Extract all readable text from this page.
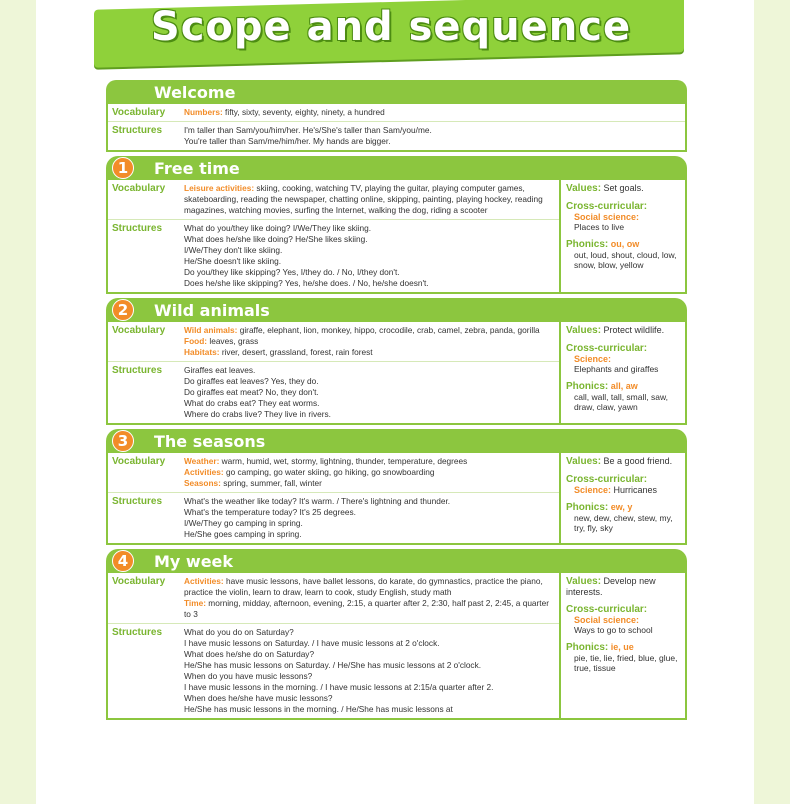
Scope and sequence
Welcome
Vocabulary	Numbers: fifty, sixty, seventy, eighty, ninety, a hundred
Structures	I'm taller than Sam/you/him/her. He's/She's taller than Sam/you/me.
You're taller than Sam/me/him/her. My hands are bigger.
1	Free time
Vocabulary	Leisure activities: skiing, cooking, watching TV, playing the guitar, playing computer games, skateboarding, reading the newspaper, chatting online, skipping, painting, playing hockey, reading magazines, watching movies, surfing the Internet, walking the dog, riding a scooter
Structures	What do you/they like doing? I/We/They like skiing.
What does he/she like doing? He/She likes skiing.
I/We/They don't like skiing.
He/She doesn't like skiing.
Do you/they like skipping? Yes, I/they do. / No, I/they don't.
Does he/she like skipping? Yes, he/she does. / No, he/she doesn't.
Values: Set goals.
Cross-curricular:
Social science:
Places to live
Phonics: ou, ow
out, loud, shout, cloud, low, snow, blow, yellow
2	Wild animals
Vocabulary	Wild animals: giraffe, elephant, lion, monkey, hippo, crocodile, crab, camel, zebra, panda, gorilla
Food: leaves, grass
Habitats: river, desert, grassland, forest, rain forest
Structures	Giraffes eat leaves.
Do giraffes eat leaves? Yes, they do.
Do giraffes eat meat? No, they don't.
What do crabs eat? They eat worms.
Where do crabs live? They live in rivers.
Values: Protect wildlife.
Cross-curricular:
Science:
Elephants and giraffes
Phonics: all, aw
call, wall, tall, small, saw, draw, claw, yawn
3	The seasons
Vocabulary	Weather: warm, humid, wet, stormy, lightning, thunder, temperature, degrees
Activities: go camping, go water skiing, go hiking, go snowboarding
Seasons: spring, summer, fall, winter
Structures	What's the weather like today? It's warm. / There's lightning and thunder.
What's the temperature today? It's 25 degrees.
I/We/They go camping in spring.
He/She goes camping in spring.
Values: Be a good friend.
Cross-curricular:
Science: Hurricanes
Phonics: ew, y
new, dew, chew, stew, my, try, fly, sky
4	My week
Vocabulary	Activities: have music lessons, have ballet lessons, do karate, do gymnastics, practice the piano, practice the violin, learn to draw, learn to cook, study English, study math
Time: morning, midday, afternoon, evening, 2:15, a quarter after 2, 2:30, half past 2, 2:45, a quarter to 3
Structures	What do you do on Saturday?
I have music lessons on Saturday. / I have music lessons at 2 o'clock.
What does he/she do on Saturday?
He/She has music lessons on Saturday. / He/She has music lessons at 2 o'clock.
When do you have music lessons?
I have music lessons in the morning. / I have music lessons at 2:15/a quarter after 2.
When does he/she have music lessons?
He/She has music lessons in the morning. / He/She has music lessons at
Values: Develop new interests.
Cross-curricular:
Social science:
Ways to go to school
Phonics: ie, ue
pie, tie, lie, fried, blue, glue, true, tissue
